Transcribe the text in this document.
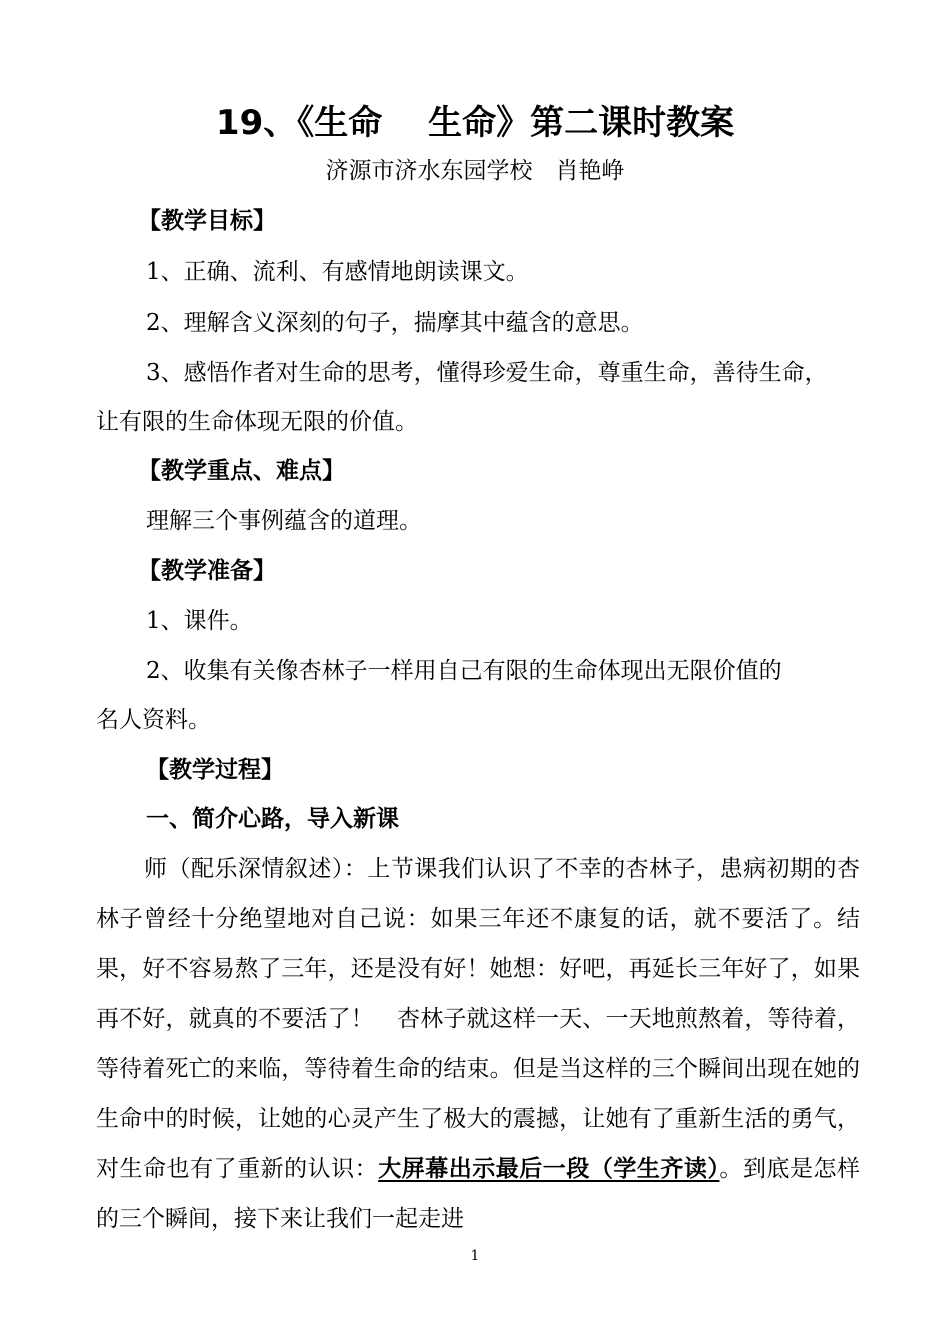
19、《生命　 生命》第二课时教案
济源市济水东园学校　肖艳峥
【教学目标】
1、正确、流利、有感情地朗读课文。
2、理解含义深刻的句子，揣摩其中蕴含的意思。
3、感悟作者对生命的思考，懂得珍爱生命，尊重生命，善待生命，
让有限的生命体现无限的价值。
【教学重点、难点】
理解三个事例蕴含的道理。
【教学准备】
1、课件。
2、收集有关像杏林子一样用自己有限的生命体现出无限价值的
名人资料。
【教学过程】
一、简介心路，导入新课
师（配乐深情叙述）：上节课我们认识了不幸的杏林子，患病初期的杏林子曾经十分绝望地对自己说：如果三年还不康复的话，就不要活了。结果，好不容易熬了三年，还是没有好！她想：好吧，再延长三年好了，如果再不好，就真的不要活了！　杏林子就这样一天、一天地煎熬着，等待着，等待着死亡的来临，等待着生命的结束。但是当这样的三个瞬间出现在她的生命中的时候，让她的心灵产生了极大的震撼，让她有了重新生活的勇气，对生命也有了重新的认识：大屏幕出示最后一段（学生齐读）。到底是怎样的三个瞬间，接下来让我们一起走进
1
